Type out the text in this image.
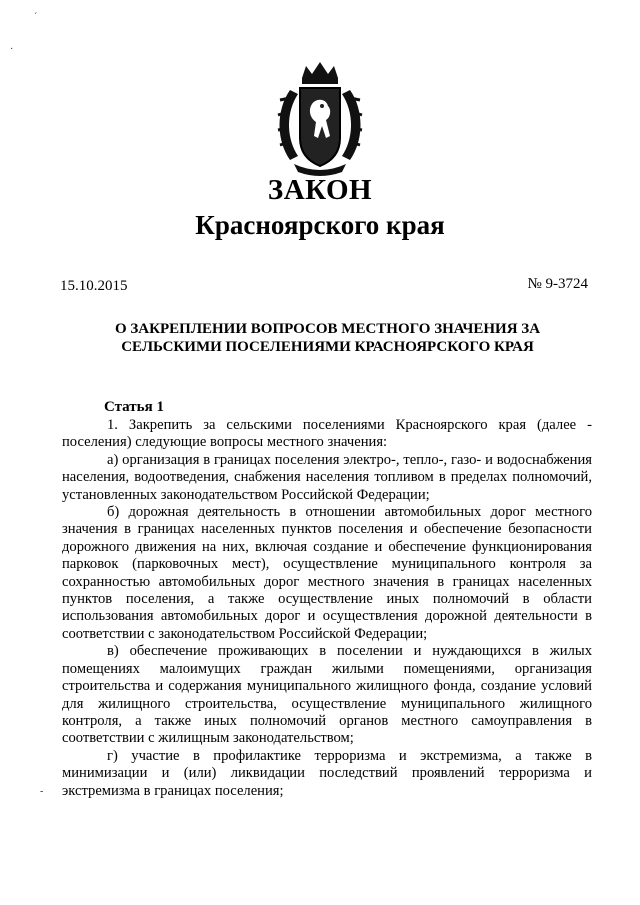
ЗАКОН
Красноярского края
15.10.2015	№ 9-3724
О ЗАКРЕПЛЕНИИ ВОПРОСОВ МЕСТНОГО ЗНАЧЕНИЯ ЗА
СЕЛЬСКИМИ ПОСЕЛЕНИЯМИ КРАСНОЯРСКОГО КРАЯ
Статья 1

1. Закрепить за сельскими поселениями Красноярского края (далее - поселения) следующие вопросы местного значения:

а) организация в границах поселения электро-, тепло-, газо- и водоснабжения населения, водоотведения, снабжения населения топливом в пределах полномочий, установленных законодательством Российской Федерации;

б) дорожная деятельность в отношении автомобильных дорог местного значения в границах населенных пунктов поселения и обеспечение безопасности дорожного движения на них, включая создание и обеспечение функционирования парковок (парковочных мест), осуществление муниципального контроля за сохранностью автомобильных дорог местного значения в границах населенных пунктов поселения, а также осуществление иных полномочий в области использования автомобильных дорог и осуществления дорожной деятельности в соответствии с законодательством Российской Федерации;

в) обеспечение проживающих в поселении и нуждающихся в жилых помещениях малоимущих граждан жилыми помещениями, организация строительства и содержания муниципального жилищного фонда, создание условий для жилищного строительства, осуществление муниципального жилищного контроля, а также иных полномочий органов местного самоуправления в соответствии с жилищным законодательством;

г) участие в профилактике терроризма и экстремизма, а также в минимизации и (или) ликвидации последствий проявлений терроризма и экстремизма в границах поселения;

´
·
-
